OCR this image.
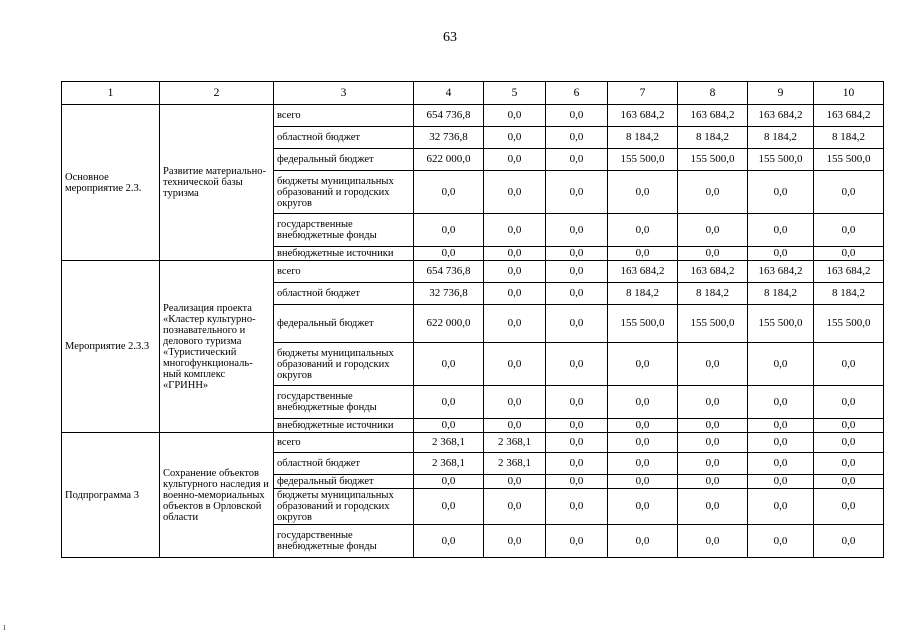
63
1	2	3	4	5	6	7	8	9	10
Основное мероприятие 2.3.	Развитие материально-технической базы туризма	всего	654 736,8	0,0	0,0	163 684,2	163 684,2	163 684,2	163 684,2
		областной бюджет	32 736,8	0,0	0,0	8 184,2	8 184,2	8 184,2	8 184,2
		федеральный бюджет	622 000,0	0,0	0,0	155 500,0	155 500,0	155 500,0	155 500,0
		бюджеты муниципальных образований и городских округов	0,0	0,0	0,0	0,0	0,0	0,0	0,0
		государственные внебюджетные фонды	0,0	0,0	0,0	0,0	0,0	0,0	0,0
		внебюджетные источники	0,0	0,0	0,0	0,0	0,0	0,0	0,0
Мероприятие 2.3.3	Реализация проекта «Кластер культурно-познавательного и делового туризма «Туристический многофункциональ-ный комплекс «ГРИНН»	всего	654 736,8	0,0	0,0	163 684,2	163 684,2	163 684,2	163 684,2
		областной бюджет	32 736,8	0,0	0,0	8 184,2	8 184,2	8 184,2	8 184,2
		федеральный бюджет	622 000,0	0,0	0,0	155 500,0	155 500,0	155 500,0	155 500,0
		бюджеты муниципальных образований и городских округов	0,0	0,0	0,0	0,0	0,0	0,0	0,0
		государственные внебюджетные фонды	0,0	0,0	0,0	0,0	0,0	0,0	0,0
		внебюджетные источники	0,0	0,0	0,0	0,0	0,0	0,0	0,0
Подпрограмма 3	Сохранение объектов культурного наследия и военно-мемориальных объектов в Орловской области	всего	2 368,1	2 368,1	0,0	0,0	0,0	0,0	0,0
		областной бюджет	2 368,1	2 368,1	0,0	0,0	0,0	0,0	0,0
		федеральный бюджет	0,0	0,0	0,0	0,0	0,0	0,0	0,0
		бюджеты муниципальных образований и городских округов	0,0	0,0	0,0	0,0	0,0	0,0	0,0
		государственные внебюджетные фонды	0,0	0,0	0,0	0,0	0,0	0,0	0,0
ı
